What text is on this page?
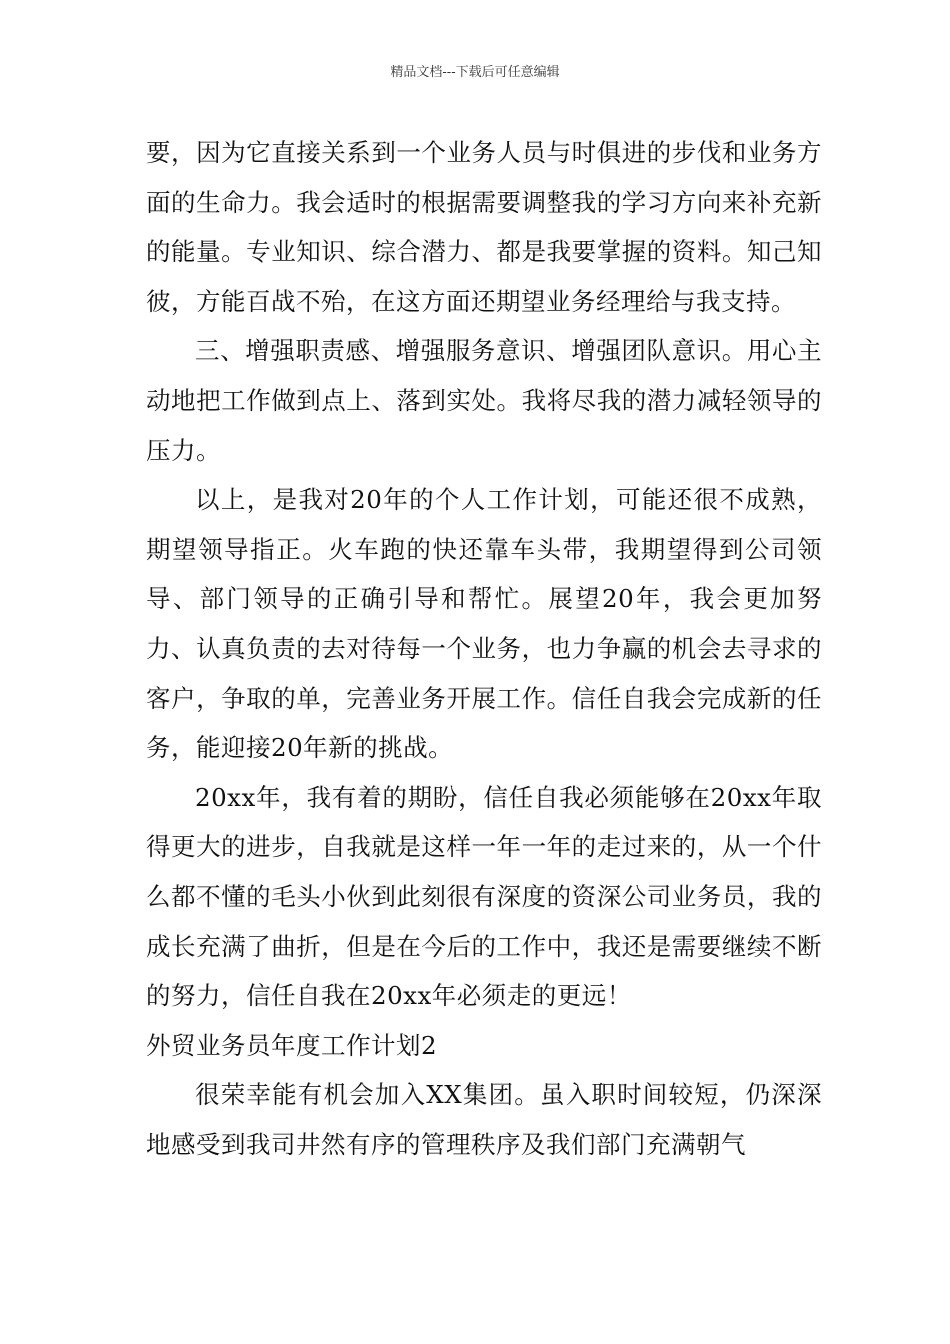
精品文档---下载后可任意编辑

要，因为它直接关系到一个业务人员与时俱进的步伐和业务方面的生命力。我会适时的根据需要调整我的学习方向来补充新的能量。专业知识、综合潜力、都是我要掌握的资料。知己知彼，方能百战不殆，在这方面还期望业务经理给与我支持。

三、增强职责感、增强服务意识、增强团队意识。用心主动地把工作做到点上、落到实处。我将尽我的潜力减轻领导的压力。

以上，是我对20年的个人工作计划，可能还很不成熟，期望领导指正。火车跑的快还靠车头带，我期望得到公司领导、部门领导的正确引导和帮忙。展望20年，我会更加努力、认真负责的去对待每一个业务，也力争赢的机会去寻求的客户，争取的单，完善业务开展工作。信任自我会完成新的任务，能迎接20年新的挑战。

20xx年，我有着的期盼，信任自我必须能够在20xx年取得更大的进步，自我就是这样一年一年的走过来的，从一个什么都不懂的毛头小伙到此刻很有深度的资深公司业务员，我的成长充满了曲折，但是在今后的工作中，我还是需要继续不断的努力，信任自我在20xx年必须走的更远！

外贸业务员年度工作计划2

很荣幸能有机会加入XX集团。虽入职时间较短，仍深深地感受到我司井然有序的管理秩序及我们部门充满朝气
